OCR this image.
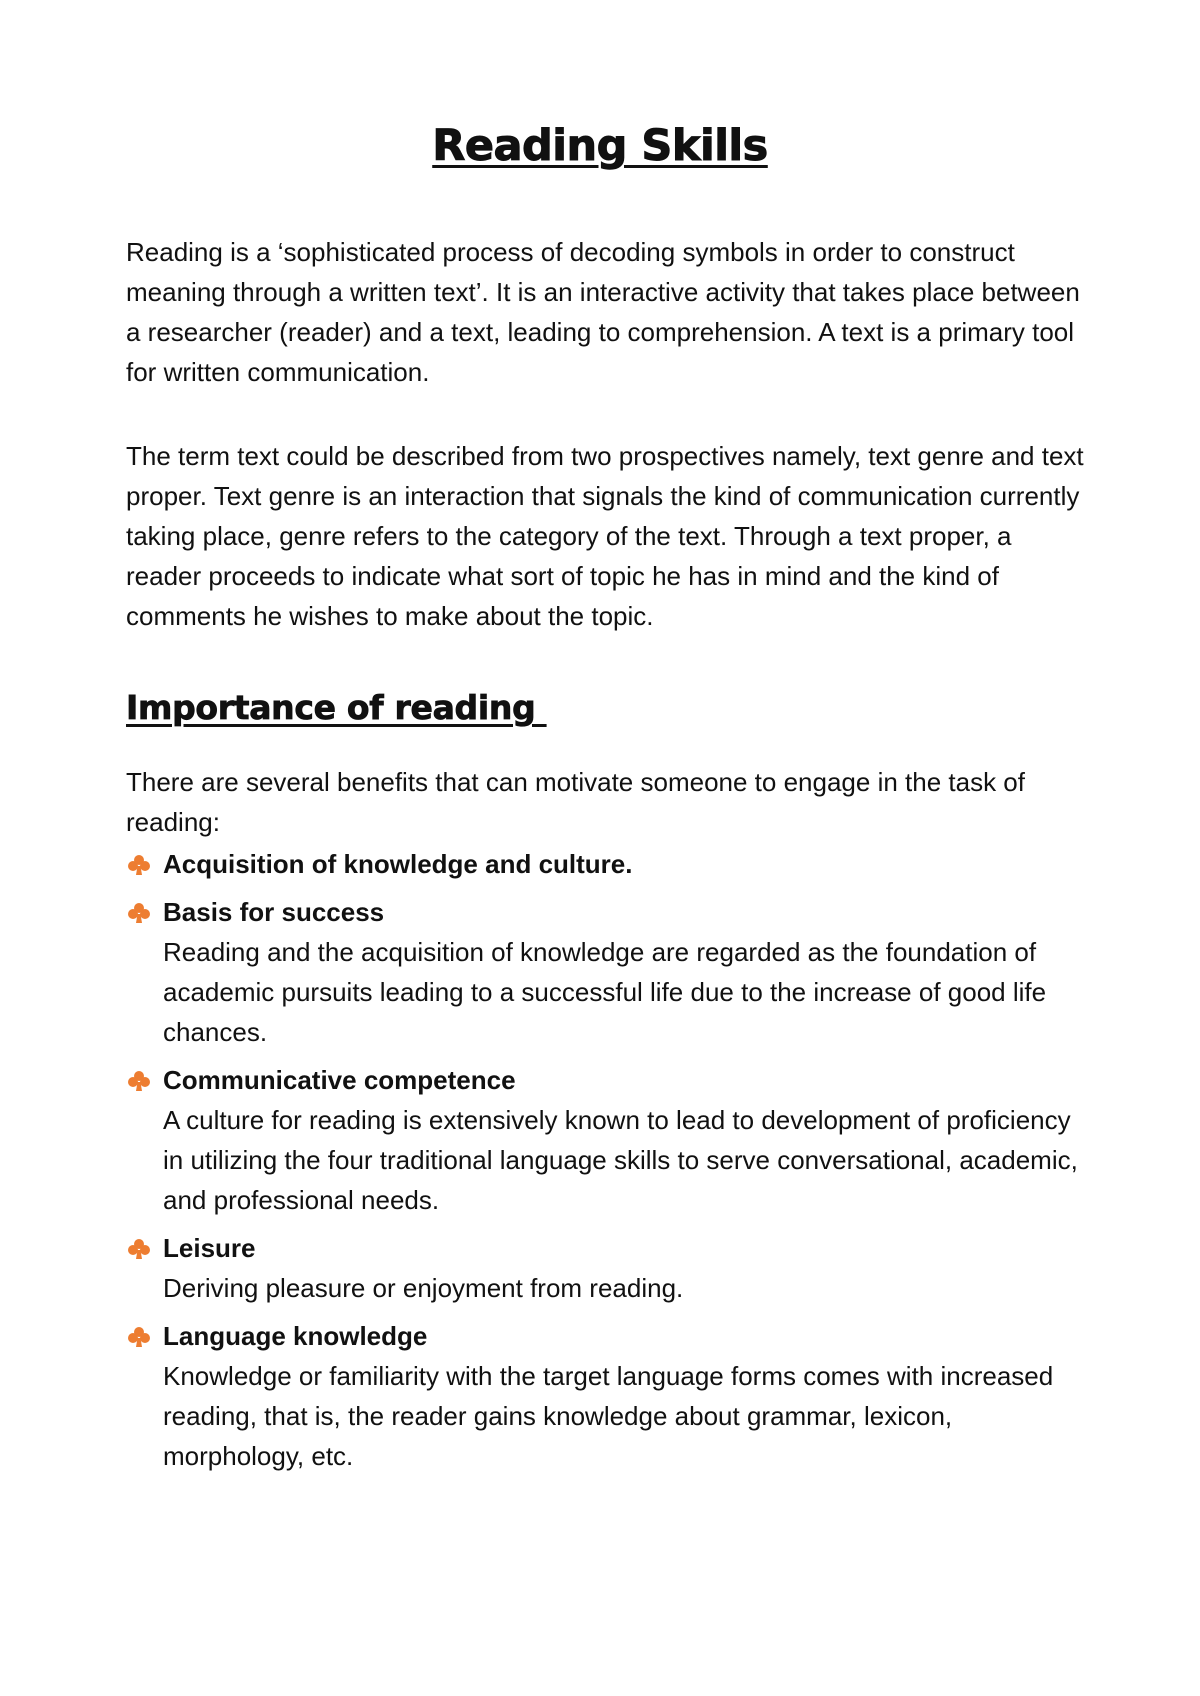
Reading Skills

Reading is a ‘sophisticated process of decoding symbols in order to construct meaning through a written text’. It is an interactive activity that takes place between a researcher (reader) and a text, leading to comprehension. A text is a primary tool for written communication.

The term text could be described from two prospectives namely, text genre and text proper. Text genre is an interaction that signals the kind of communication currently taking place, genre refers to the category of the text. Through a text proper, a reader proceeds to indicate what sort of topic he has in mind and the kind of comments he wishes to make about the topic.

Importance of reading

There are several benefits that can motivate someone to engage in the task of reading:

Acquisition of knowledge and culture.
Basis for success
Reading and the acquisition of knowledge are regarded as the foundation of academic pursuits leading to a successful life due to the increase of good life chances.
Communicative competence
A culture for reading is extensively known to lead to development of proficiency in utilizing the four traditional language skills to serve conversational, academic, and professional needs.
Leisure
Deriving pleasure or enjoyment from reading.
Language knowledge
Knowledge or familiarity with the target language forms comes with increased reading, that is, the reader gains knowledge about grammar, lexicon, morphology, etc.
